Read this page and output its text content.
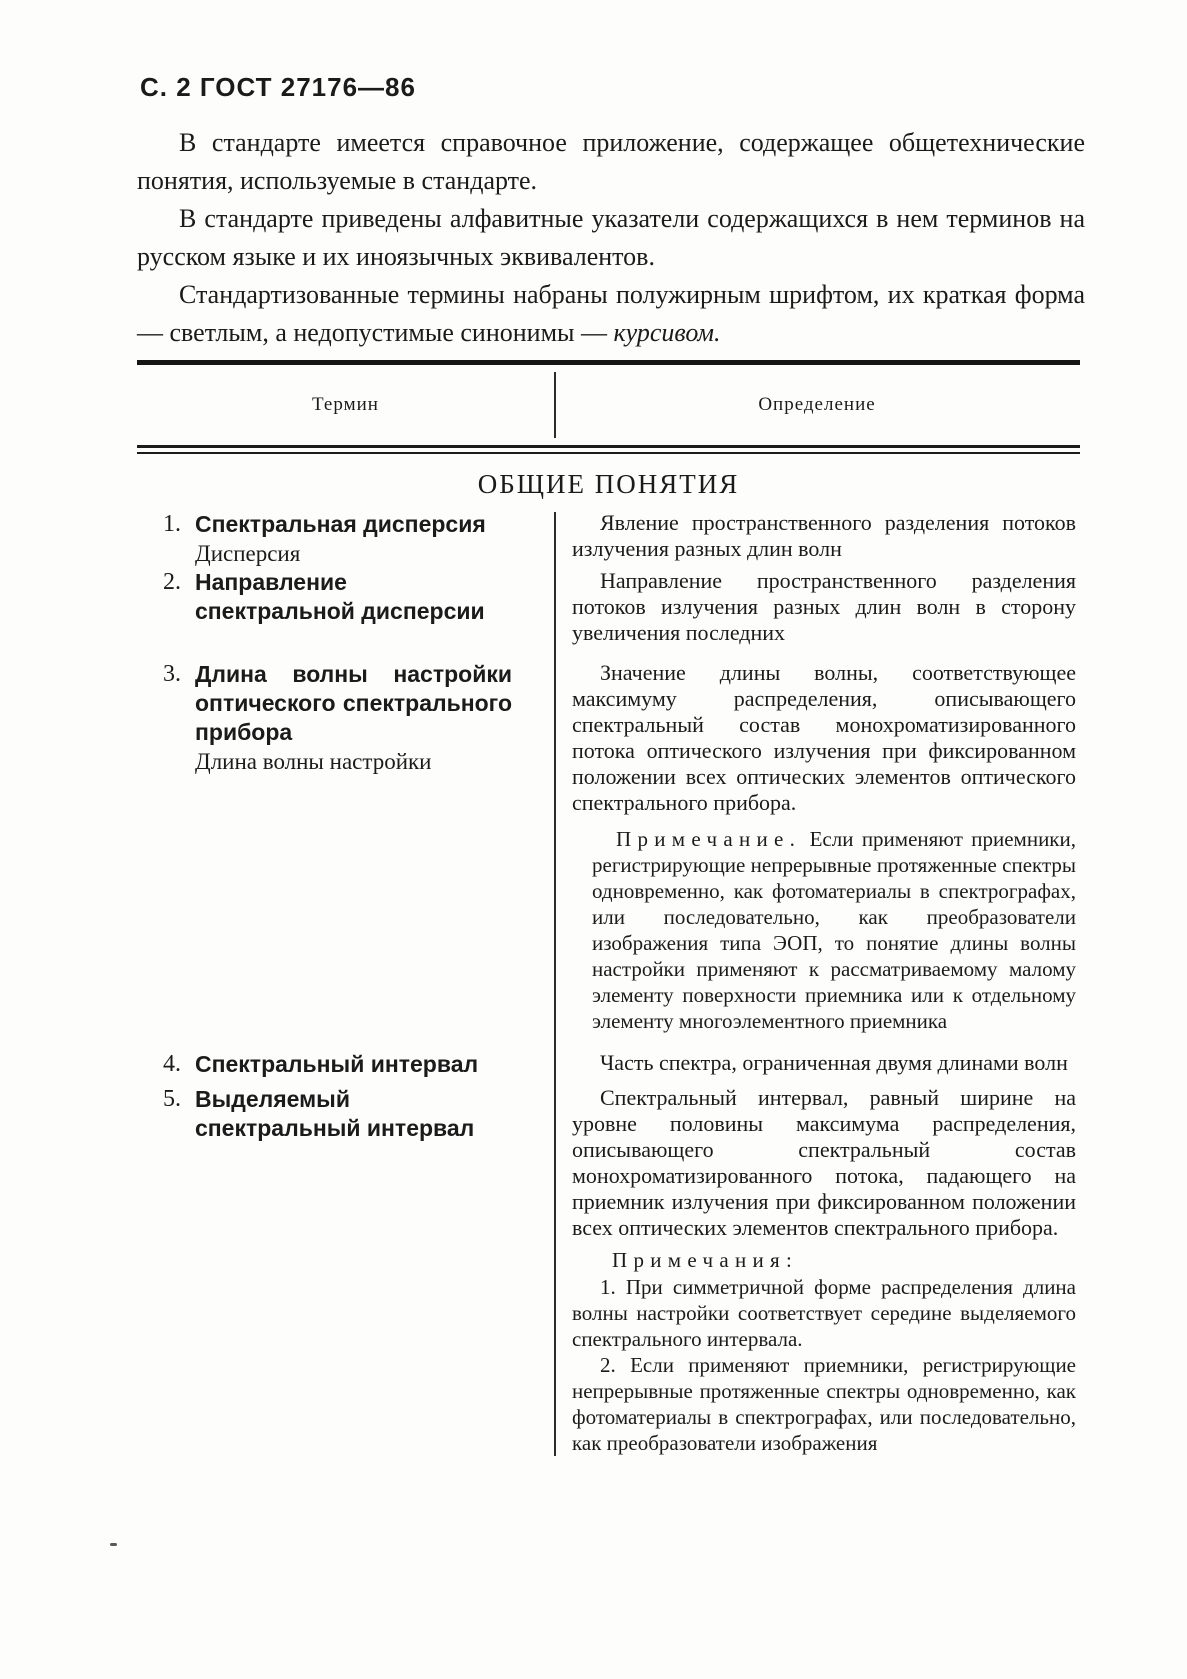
С. 2 ГОСТ 27176—86

В стандарте имеется справочное приложение, содержащее общетехнические понятия, используемые в стандарте.

В стандарте приведены алфавитные указатели содержащихся в нем терминов на русском языке и их иноязычных эквивалентов.

Стандартизованные термины набраны полужирным шрифтом, их краткая форма— светлым, а недопустимые синонимы — курсивом.

Термин	Определение
ОБЩИЕ ПОНЯТИЯ
1. Спектральная дисперсия
Дисперсия

Явление пространственного разделения потоков излучения разных длин волн

2. Направление спектральной дисперсии

Направление пространственного разделения потоков излучения разных длин волн в сторону увеличения последних

3. Длина волны настройки оптического спектрального прибора
Длина волны настройки

Значение длины волны, соответствующее максимуму распределения, описывающего спектральный состав монохроматизированного потока оптического излучения при фиксированном положении всех оптических элементов оптического спектрального прибора.

Примечание. Если применяют приемники, регистрирующие непрерывные протяженные спектры одновременно, как фотоматериалы в спектрографах, или последовательно, как преобразователи изображения типа ЭОП, то понятие длины волны настройки применяют к рассматриваемому малому элементу поверхности приемника или к отдельному элементу многоэлементного приемника

4. Спектральный интервал	Часть спектра, ограниченная двумя длинами волн

5. Выделяемый спектральный интервал

Спектральный интервал, равный ширине на уровне половины максимума распределения, описывающего спектральный состав монохроматизированного потока, падающего на приемник излучения при фиксированном положении всех оптических элементов спектрального прибора.

Примечания:

1. При симметричной форме распределения длина волны настройки соответствует середине выделяемого спектрального интервала.

2. Если применяют приемники, регистрирующие непрерывные протяженные спектры одновременно, как фотоматериалы в спектрографах, или последовательно, как преобразователи изображения
